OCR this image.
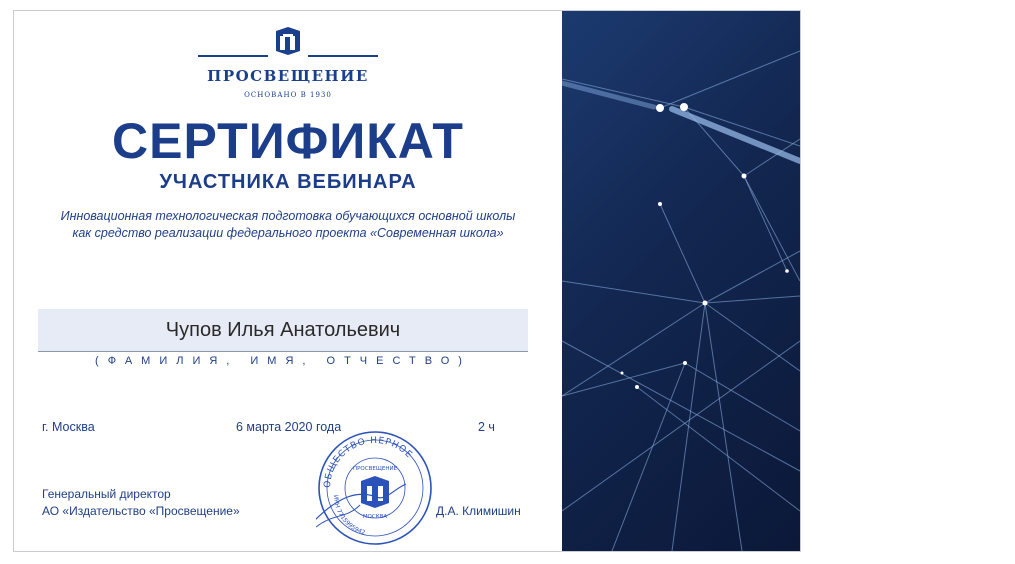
ПРОСВЕЩЕНИЕ
ОСНОВАНО В 1930
СЕРТИФИКАТ
УЧАСТНИКА ВЕБИНАРА
Инновационная технологическая подготовка обучающихся основной школы
как средство реализации федерального проекта «Современная школа»
Чупов Илья Анатольевич
(ФАМИЛИЯ, ИМЯ, ОТЧЕСТВО)
г. Москва	6 марта 2020 года	2 ч
Генеральный директор
АО «Издательство «Просвещение»	Д.А. Климишин
ОБЩЕСТВО НЕРНОЕ
ИНН 7715995942
МОСКВА
ПРОСВЕЩЕНИЕ
